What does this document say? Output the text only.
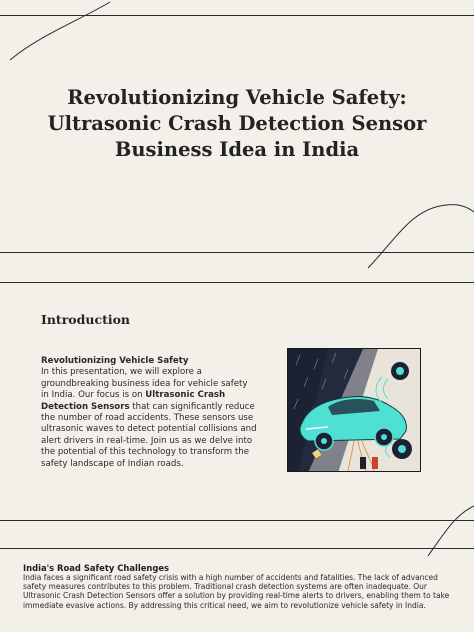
Revolutionizing Vehicle Safety: Ultrasonic Crash Detection Sensor Business Idea in India
Introduction
Revolutionizing Vehicle Safety
In this presentation, we will explore a groundbreaking business idea for vehicle safety in India. Our focus is on Ultrasonic Crash Detection Sensors that can significantly reduce the number of road accidents. These sensors use ultrasonic waves to detect potential collisions and alert drivers in real-time. Join us as we delve into the potential of this technology to transform the safety landscape of Indian roads.
India's Road Safety Challenges
India faces a significant road safety crisis with a high number of accidents and fatalities. The lack of advanced safety measures contributes to this problem. Traditional crash detection systems are often inadequate. Our Ultrasonic Crash Detection Sensors offer a solution by providing real-time alerts to drivers, enabling them to take immediate evasive actions. By addressing this critical need, we aim to revolutionize vehicle safety in India.
